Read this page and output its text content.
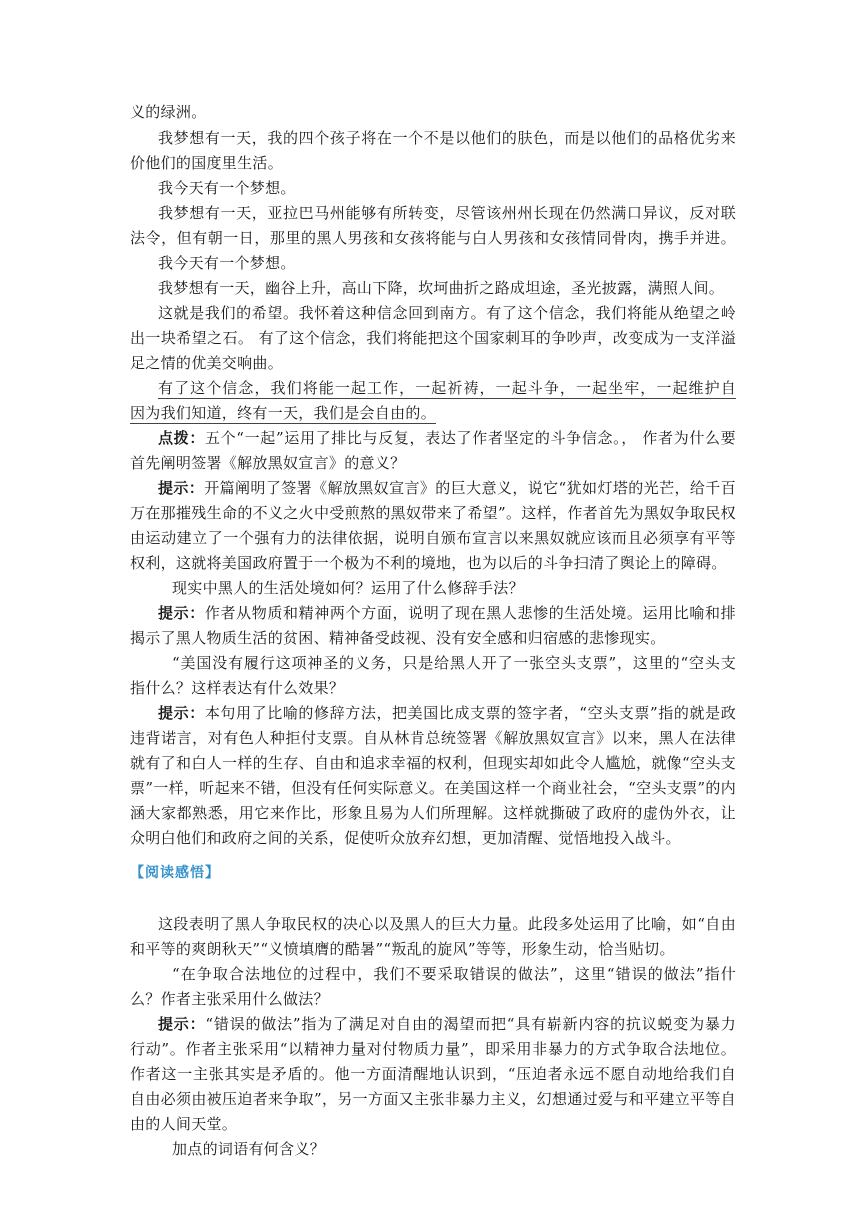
义的绿洲。
我梦想有一天，我的四个孩子将在一个不是以他们的肤色，而是以他们的品格优劣来
价他们的国度里生活。
我今天有一个梦想。
我梦想有一天，亚拉巴马州能够有所转变，尽管该州州长现在仍然满口异议，反对联
法令，但有朝一日，那里的黑人男孩和女孩将能与白人男孩和女孩情同骨肉，携手并进。
我今天有一个梦想。
我梦想有一天，幽谷上升，高山下降，坎坷曲折之路成坦途，圣光披露，满照人间。
这就是我们的希望。我怀着这种信念回到南方。有了这个信念，我们将能从绝望之岭
出一块希望之石。 有了这个信念，我们将能把这个国家刺耳的争吵声，改变成为一支洋溢
足之情的优美交响曲。
有了这个信念，我们将能一起工作，一起祈祷，一起斗争，一起坐牢，一起维护自
因为我们知道，终有一天，我们是会自由的。
点拨：五个“一起”运用了排比与反复，表达了作者坚定的斗争信念。， 作者为什么要
首先阐明签署《解放黑奴宣言》的意义？
提示：开篇阐明了签署《解放黑奴宣言》的巨大意义，说它“犹如灯塔的光芒，给千百
万在那摧残生命的不义之火中受煎熬的黑奴带来了希望”。这样，作者首先为黑奴争取民权
由运动建立了一个强有力的法律依据，说明自颁布宣言以来黑奴就应该而且必须享有平等
权利，这就将美国政府置于一个极为不利的境地，也为以后的斗争扫清了舆论上的障碍。
现实中黑人的生活处境如何？运用了什么修辞手法？
提示：作者从物质和精神两个方面，说明了现在黑人悲惨的生活处境。运用比喻和排
揭示了黑人物质生活的贫困、精神备受歧视、没有安全感和归宿感的悲惨现实。
“美国没有履行这项神圣的义务，只是给黑人开了一张空头支票”，这里的“空头支
指什么？这样表达有什么效果？
提示：本句用了比喻的修辞方法，把美国比成支票的签字者，“空头支票”指的就是政
违背诺言，对有色人种拒付支票。自从林肯总统签署《解放黑奴宣言》以来，黑人在法律
就有了和白人一样的生存、自由和追求幸福的权利，但现实却如此令人尴尬，就像“空头支
票”一样，听起来不错，但没有任何实际意义。在美国这样一个商业社会，“空头支票”的内
涵大家都熟悉，用它来作比，形象且易为人们所理解。这样就撕破了政府的虚伪外衣，让
【阅读感悟】
这段表明了黑人争取民权的决心以及黑人的巨大力量。此段多处运用了比喻，如“自由
和平等的爽朗秋天”“义愤填膺的酷暑”“叛乱的旋风”等等，形象生动，恰当贴切。
“在争取合法地位的过程中，我们不要采取错误的做法”，这里“错误的做法”指什
么？作者主张采用什么做法？
提示：“错误的做法”指为了满足对自由的渴望而把“具有崭新内容的抗议蜕变为暴力
行动”。作者主张采用“以精神力量对付物质力量”，即采用非暴力的方式争取合法地位。
作者这一主张其实是矛盾的。他一方面清醒地认识到，“压迫者永远不愿自动地给我们自
自由必须由被压迫者来争取”，另一方面又主张非暴力主义，幻想通过爱与和平建立平等自
由的人间天堂。
加点的词语有何含义？
众明白他们和政府之间的关系，促使听众放弃幻想，更加清醒、觉悟地投入战斗。
